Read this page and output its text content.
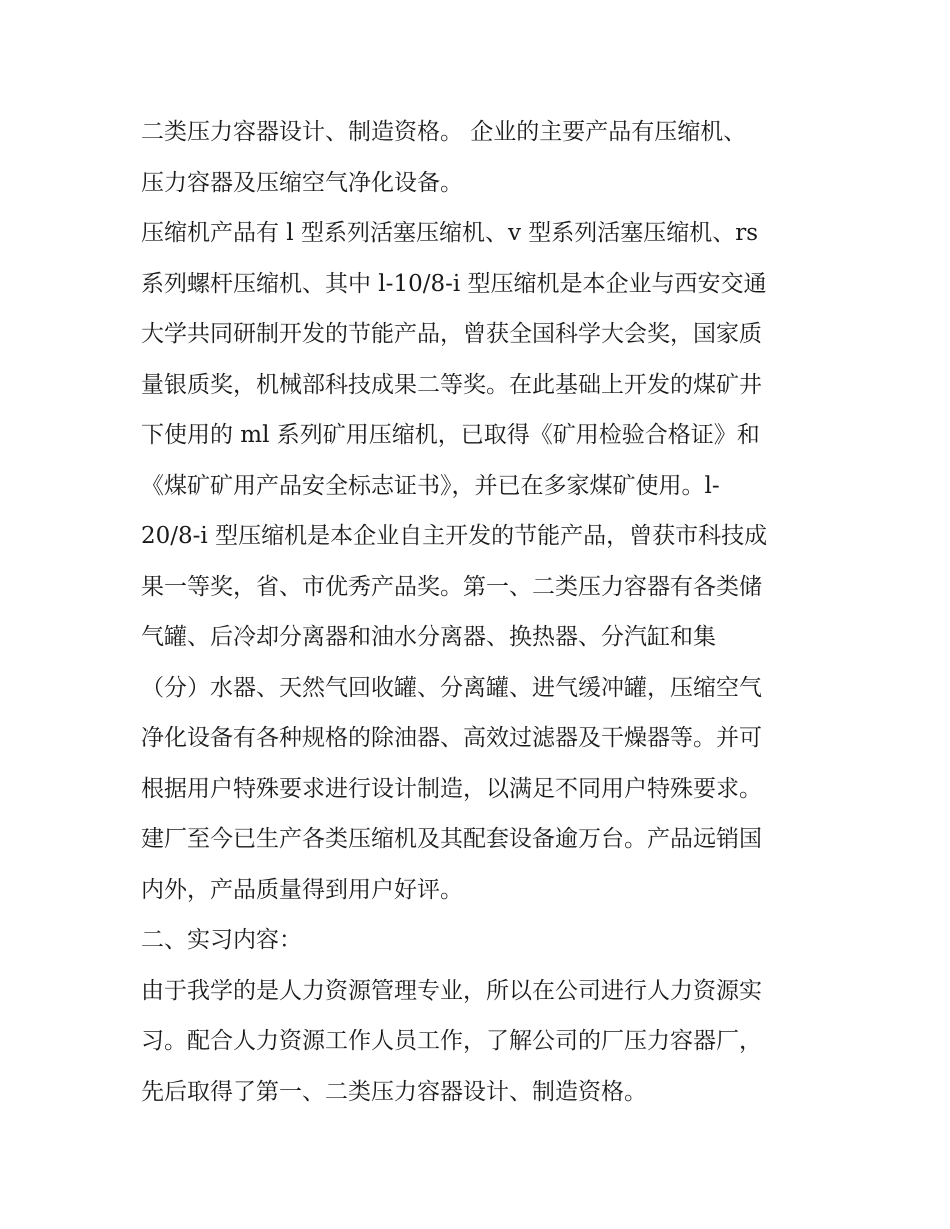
二类压力容器设计、制造资格。 企业的主要产品有压缩机、

压力容器及压缩空气净化设备。

压缩机产品有 l 型系列活塞压缩机、v 型系列活塞压缩机、rs

系列螺杆压缩机、其中 l-10/8-i 型压缩机是本企业与西安交通

大学共同研制开发的节能产品，曾获全国科学大会奖，国家质

量银质奖，机械部科技成果二等奖。在此基础上开发的煤矿井

下使用的 ml 系列矿用压缩机，已取得《矿用检验合格证》和

《煤矿矿用产品安全标志证书》，并已在多家煤矿使用。l-

20/8-i 型压缩机是本企业自主开发的节能产品，曾获市科技成

果一等奖，省、市优秀产品奖。第一、二类压力容器有各类储

气罐、后冷却分离器和油水分离器、换热器、分汽缸和集

（分）水器、天然气回收罐、分离罐、进气缓冲罐，压缩空气

净化设备有各种规格的除油器、高效过滤器及干燥器等。并可

根据用户特殊要求进行设计制造，以满足不同用户特殊要求。

建厂至今已生产各类压缩机及其配套设备逾万台。产品远销国

内外，产品质量得到用户好评。

二、实习内容：

由于我学的是人力资源管理专业，所以在公司进行人力资源实

习。配合人力资源工作人员工作，了解公司的厂压力容器厂，

先后取得了第一、二类压力容器设计、制造资格。
